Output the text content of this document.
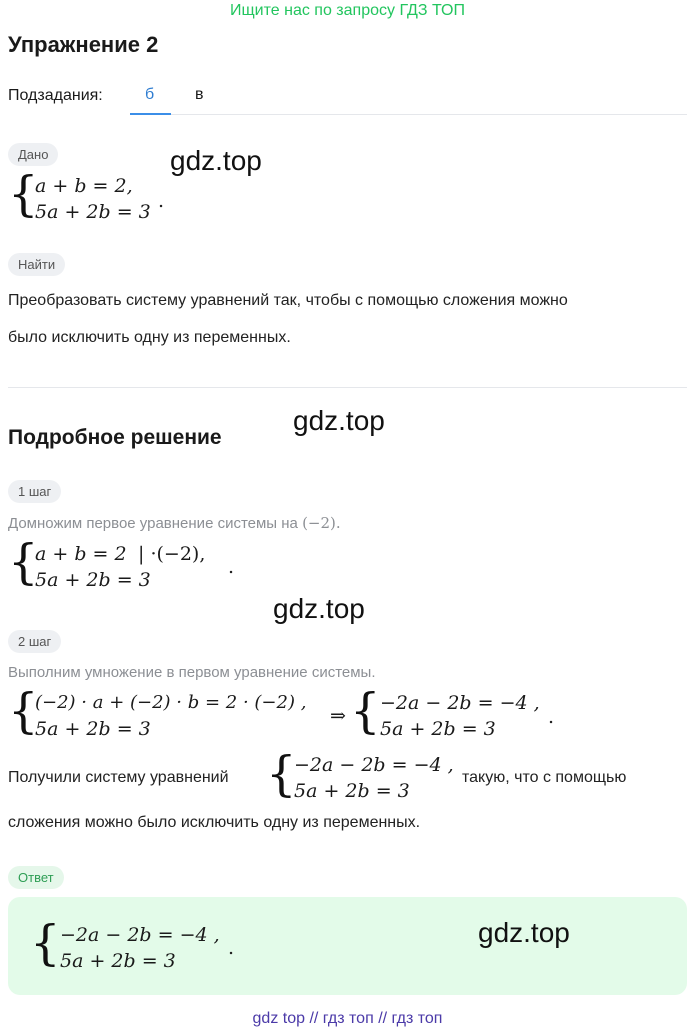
Ищите нас по запросу ГДЗ ТОП
Упражнение 2
Подзадания:	б	в
Дано
{
a + b = 2,
5a + 2b = 3 .
gdz.top
Найти
Преобразовать систему уравнений так, чтобы с помощью сложения можно
было исключить одну из переменных.
Подробное решение
gdz.top
1 шаг
Домножим первое уравнение системы на (−2).
{
a + b = 2 | ·(−2),
5a + 2b = 3
.
gdz.top
2 шаг
Выполним умножение в первом уравнение системы.
{
(−2) · a + (−2) · b = 2 · (−2) ,
5a + 2b = 3
⇒ { −2a − 2b = −4 ,
5a + 2b = 3
.
Получили систему уравнений {
−2a − 2b = −4 ,
5a + 2b = 3
такую, что с помощью
сложения можно было исключить одну из переменных.
Ответ
{ −2a − 2b = −4 ,
5a + 2b = 3
.	gdz.top
gdz top // гдз топ // гдз топ
